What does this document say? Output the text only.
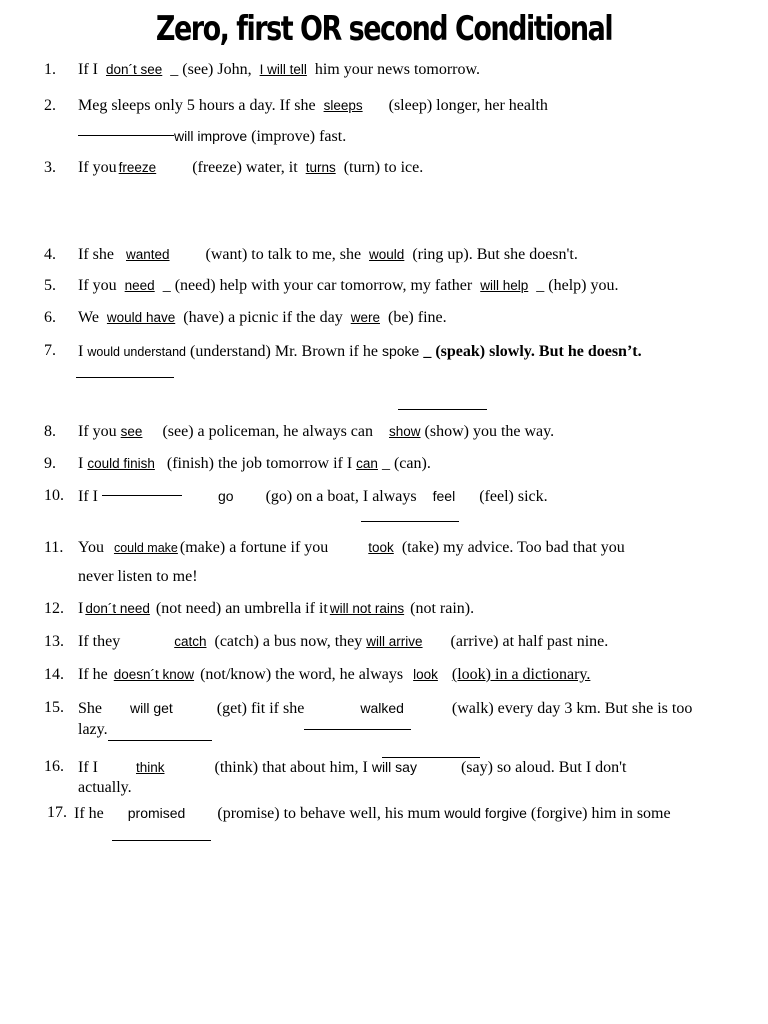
Zero, first OR second Conditional
1. If I don´t see _ (see) John, I will tell him your news tomorrow.
2. Meg sleeps only 5 hours a day. If she sleeps (sleep) longer, her health
will improve (improve) fast.
3. If you freeze (freeze) water, it turns (turn) to ice.
4. If she wanted (want) to talk to me, she would (ring up). But she doesn't.
5. If you need _ (need) help with your car tomorrow, my father will help _ (help) you.
6. We would have (have) a picnic if the day were (be) fine.
7. I would understand (understand) Mr. Brown if he spoke _ (speak) slowly. But he doesn’t.
8. If you see (see) a policeman, he always can show (show) you the way.
9. I could finish (finish) the job tomorrow if I can _ (can).
10. If I	go (go) on a boat, I always feel (feel) sick.
11. You could make (make) a fortune if you	took (take) my advice. Too bad that you
never listen to me!
12. I don´t need (not need) an umbrella if it will not rains (not rain).
13. If they	catch (catch) a bus now, they will arrive (arrive) at half past nine.
14. If he doesn´t know (not/know) the word, he always look (look) in a dictionary.
15. She will get	(get) fit if she	walked	(walk) every day 3 km. But she is too
lazy.
16. If I	think	(think) that about him, I will say	(say) so aloud. But I don't
actually.
17. If he promised (promise) to behave well, his mum would forgive (forgive) him in some
